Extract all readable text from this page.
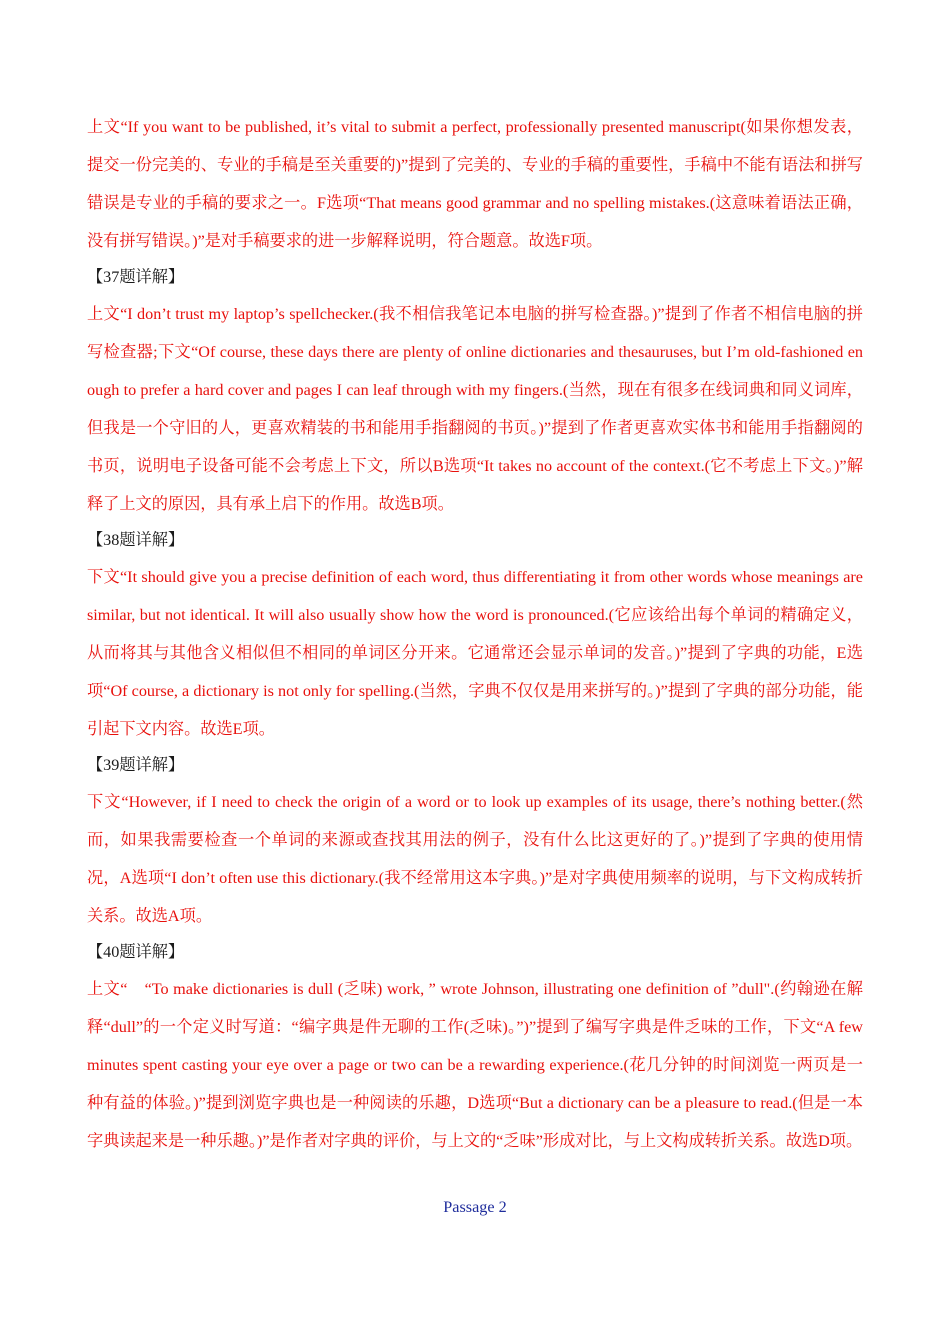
上文“If you want to be published, it’s vital to submit a perfect, professionally presented manuscript(如果你想发表，提交一份完美的、专业的手稿是至关重要的)”提到了完美的、专业的手稿的重要性，手稿中不能有语法和拼写错误是专业的手稿的要求之一。F选项“That means good grammar and no spelling mistakes.(这意味着语法正确，没有拼写错误。)”是对手稿要求的进一步解释说明，符合题意。故选F项。

【37题详解】

上文“I don’t trust my laptop’s spellchecker.(我不相信我笔记本电脑的拼写检查器。)”提到了作者不相信电脑的拼写检查器;下文“Of course, these days there are plenty of online dictionaries and thesauruses, but I’m old-fashioned enough to prefer a hard cover and pages I can leaf through with my fingers.(当然，现在有很多在线词典和同义词库，但我是一个守旧的人，更喜欢精装的书和能用手指翻阅的书页。)”提到了作者更喜欢实体书和能用手指翻阅的书页，说明电子设备可能不会考虑上下文，所以B选项“It takes no account of the context.(它不考虑上下文。)”解释了上文的原因，具有承上启下的作用。故选B项。

【38题详解】

下文“It should give you a precise definition of each word, thus differentiating it from other words whose meanings are similar, but not identical. It will also usually show how the word is pronounced.(它应该给出每个单词的精确定义，从而将其与其他含义相似但不相同的单词区分开来。它通常还会显示单词的发音。)”提到了字典的功能，E选项“Of course, a dictionary is not only for spelling.(当然，字典不仅仅是用来拼写的。)”提到了字典的部分功能，能引起下文内容。故选E项。

【39题详解】

下文“However, if I need to check the origin of a word or to look up examples of its usage, there’s nothing better.(然而，如果我需要检查一个单词的来源或查找其用法的例子，没有什么比这更好的了。)”提到了字典的使用情况，A选项“I don’t often use this dictionary.(我不经常用这本字典。)”是对字典使用频率的说明，与下文构成转折关系。故选A项。

【40题详解】

上文“　“To make dictionaries is dull (乏味) work, ” wrote Johnson, illustrating one definition of ”dull".(约翰逊在解释“dull”的一个定义时写道：“编字典是件无聊的工作(乏味)。”)”提到了编写字典是件乏味的工作，下文“A few minutes spent casting your eye over a page or two can be a rewarding experience.(花几分钟的时间浏览一两页是一种有益的体验。)”提到浏览字典也是一种阅读的乐趣，D选项“But a dictionary can be a pleasure to read.(但是一本字典读起来是一种乐趣。)”是作者对字典的评价，与上文的“乏味”形成对比，与上文构成转折关系。故选D项。

Passage 2
